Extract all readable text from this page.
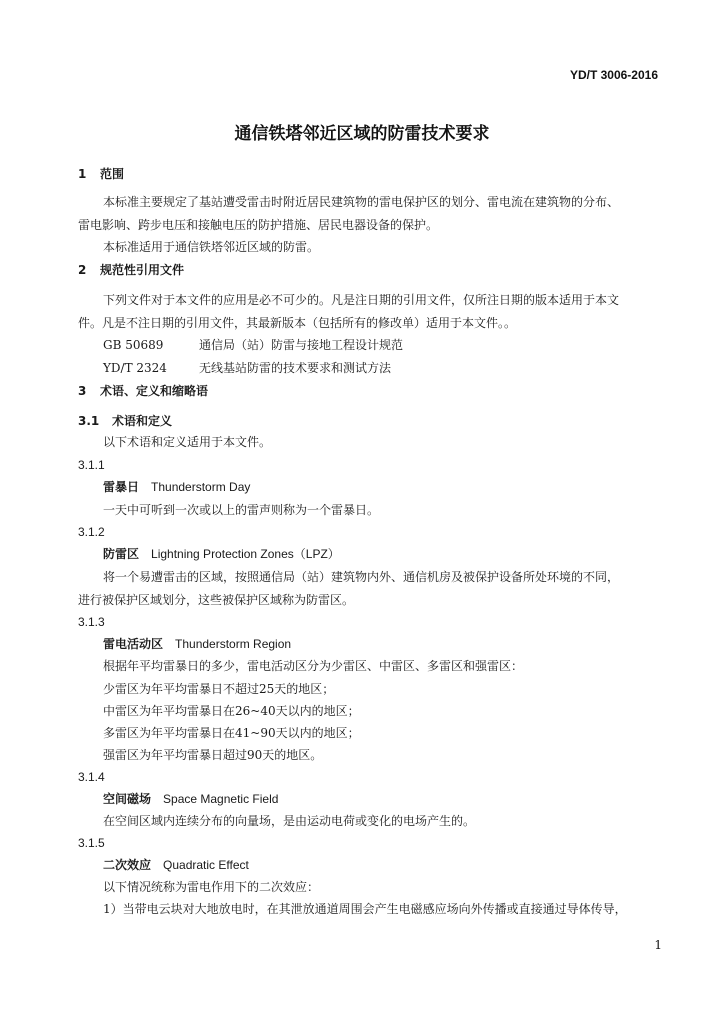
YD/T 3006-2016
通信铁塔邻近区域的防雷技术要求
1 范围
本标准主要规定了基站遭受雷击时附近居民建筑物的雷电保护区的划分、雷电流在建筑物的分布、
雷电影响、跨步电压和接触电压的防护措施、居民电器设备的保护。
本标准适用于通信铁塔邻近区域的防雷。
2 规范性引用文件
下列文件对于本文件的应用是必不可少的。凡是注日期的引用文件，仅所注日期的版本适用于本文
件。凡是不注日期的引用文件，其最新版本（包括所有的修改单）适用于本文件。。
GB 50689	通信局（站）防雷与接地工程设计规范
YD/T 2324	无线基站防雷的技术要求和测试方法
3 术语、定义和缩略语
3.1 术语和定义
以下术语和定义适用于本文件。
3.1.1
雷暴日 Thunderstorm Day
一天中可听到一次或以上的雷声则称为一个雷暴日。
3.1.2
防雷区 Lightning Protection Zones（LPZ）
将一个易遭雷击的区域，按照通信局（站）建筑物内外、通信机房及被保护设备所处环境的不同，
进行被保护区域划分，这些被保护区域称为防雷区。
3.1.3
雷电活动区 Thunderstorm Region
根据年平均雷暴日的多少，雷电活动区分为少雷区、中雷区、多雷区和强雷区：
少雷区为年平均雷暴日不超过25天的地区；
中雷区为年平均雷暴日在26~40天以内的地区；
多雷区为年平均雷暴日在41~90天以内的地区；
强雷区为年平均雷暴日超过90天的地区。
3.1.4
空间磁场 Space Magnetic Field
在空间区域内连续分布的向量场，是由运动电荷或变化的电场产生的。
3.1.5
二次效应 Quadratic Effect
以下情况统称为雷电作用下的二次效应：
1）当带电云块对大地放电时，在其泄放通道周围会产生电磁感应场向外传播或直接通过导体传导，
1
